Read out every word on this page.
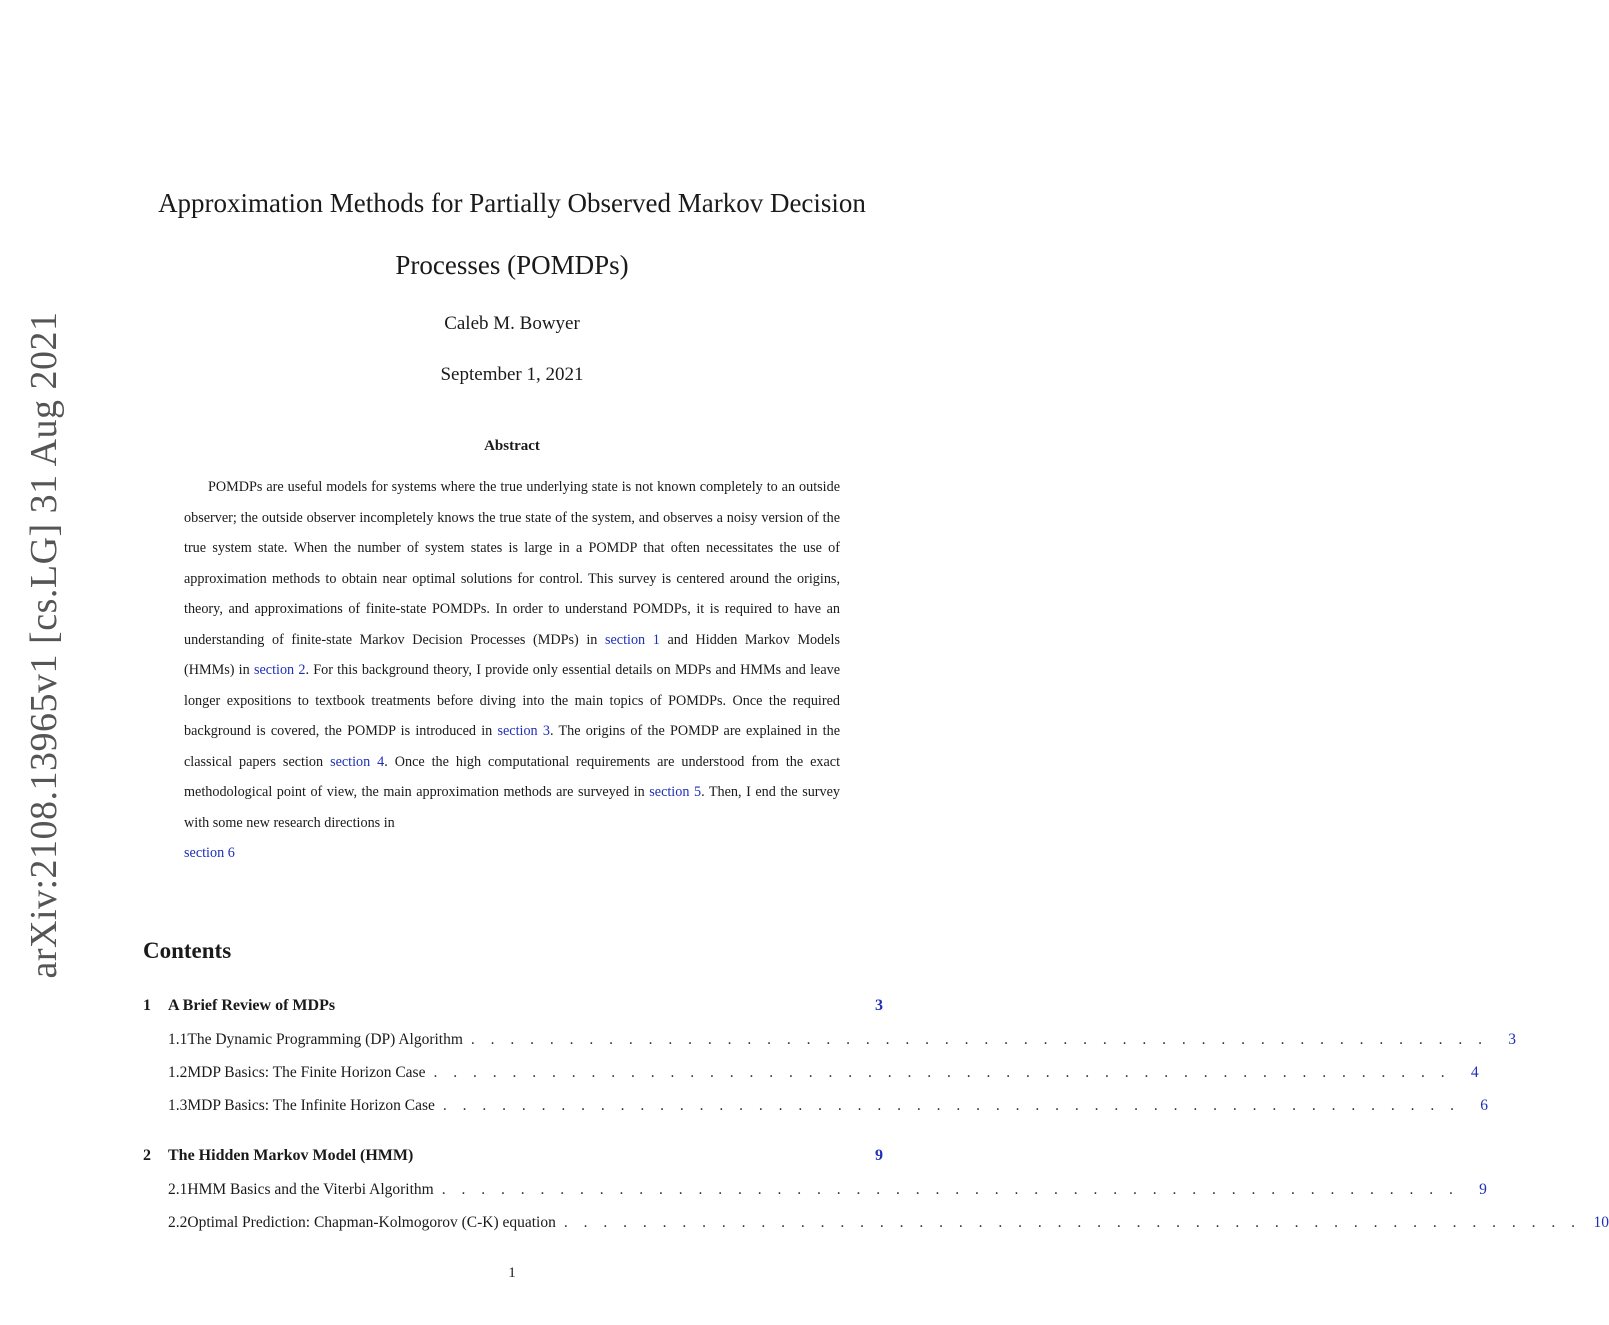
arXiv:2108.13965v1 [cs.LG] 31 Aug 2021
Approximation Methods for Partially Observed Markov Decision Processes (POMDPs)
Caleb M. Bowyer
September 1, 2021
Abstract
POMDPs are useful models for systems where the true underlying state is not known completely to an outside observer; the outside observer incompletely knows the true state of the system, and observes a noisy version of the true system state. When the number of system states is large in a POMDP that often necessitates the use of approximation methods to obtain near optimal solutions for control. This survey is centered around the origins, theory, and approximations of finite-state POMDPs. In order to understand POMDPs, it is required to have an understanding of finite-state Markov Decision Processes (MDPs) in section 1 and Hidden Markov Models (HMMs) in section 2. For this background theory, I provide only essential details on MDPs and HMMs and leave longer expositions to textbook treatments before diving into the main topics of POMDPs. Once the required background is covered, the POMDP is introduced in section 3. The origins of the POMDP are explained in the classical papers section section 4. Once the high computational requirements are understood from the exact methodological point of view, the main approximation methods are surveyed in section 5. Then, I end the survey with some new research directions in
section 6
Contents
1	A Brief Review of MDPs	3
1.1 The Dynamic Programming (DP) Algorithm . . . . . . . . . . . . . . . . . . . . . . . . . . . . . . . . . . . . . . . . . . . . . . . . . . . .	3
1.2 MDP Basics: The Finite Horizon Case . . . . . . . . . . . . . . . . . . . . . . . . . . . . . . . . . . . . . . . . . . . . . . . . . . . .	4
1.3 MDP Basics: The Infinite Horizon Case . . . . . . . . . . . . . . . . . . . . . . . . . . . . . . . . . . . . . . . . . . . . . . . . . . . .	6
2	The Hidden Markov Model (HMM)	9
2.1 HMM Basics and the Viterbi Algorithm . . . . . . . . . . . . . . . . . . . . . . . . . . . . . . . . . . . . . . . . . . . . . . . . . . . .	9
2.2 Optimal Prediction: Chapman-Kolmogorov (C-K) equation . . . . . . . . . . . . . . . . . . . . . . . . . . . . . . . . . . . . . . . . . . . . . . . . . . . . 10
1
